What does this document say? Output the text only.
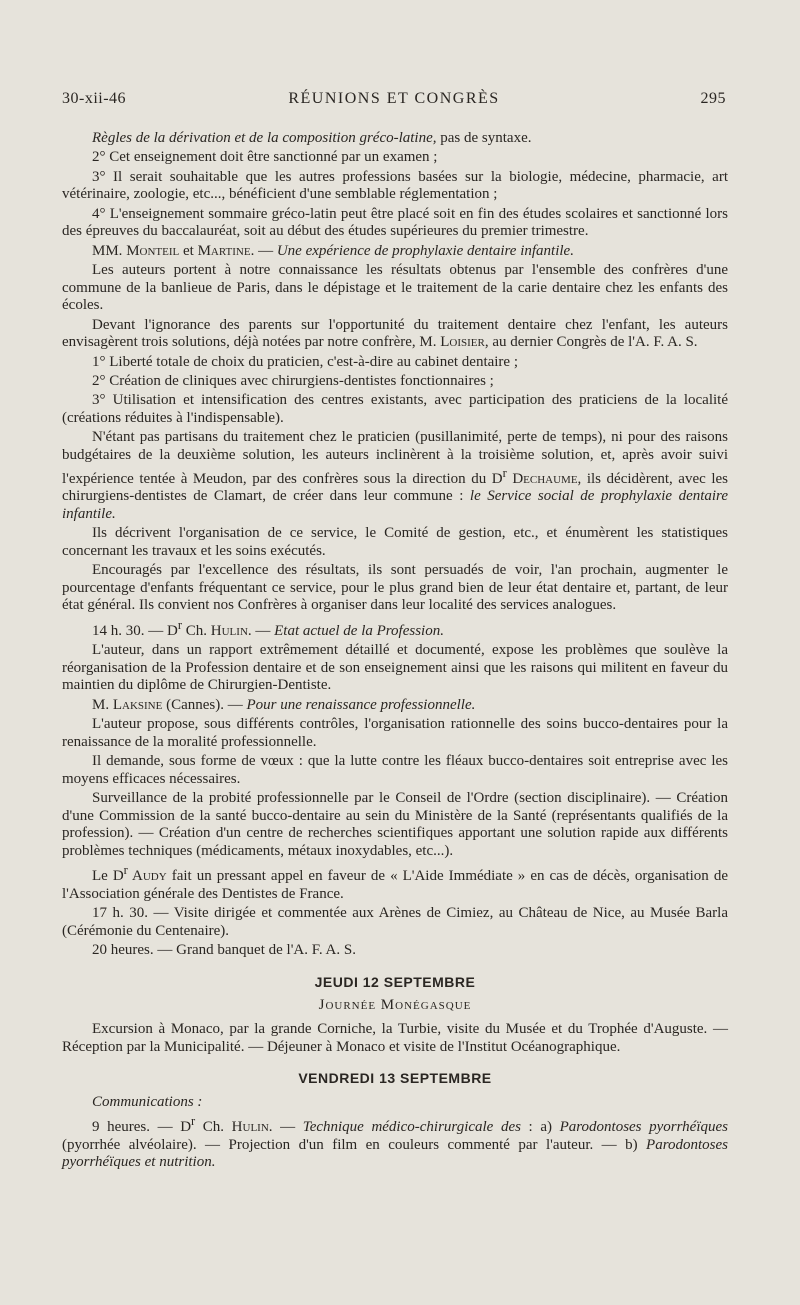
30-xii-46	RÉUNIONS ET CONGRÈS	295

Règles de la dérivation et de la composition gréco-latine, pas de syntaxe.

2° Cet enseignement doit être sanctionné par un examen ;

3° Il serait souhaitable que les autres professions basées sur la biologie, médecine, pharmacie, art vétérinaire, zoologie, etc..., bénéficient d'une semblable réglementation ;

4° L'enseignement sommaire gréco-latin peut être placé soit en fin des études scolaires et sanctionné lors des épreuves du baccalauréat, soit au début des études supérieures du premier trimestre.

MM. Monteil et Martine. — Une expérience de prophylaxie dentaire infantile.

Les auteurs portent à notre connaissance les résultats obtenus par l'ensemble des confrères d'une commune de la banlieue de Paris, dans le dépistage et le traitement de la carie dentaire chez les enfants des écoles.

Devant l'ignorance des parents sur l'opportunité du traitement dentaire chez l'enfant, les auteurs envisagèrent trois solutions, déjà notées par notre confrère, M. Loisier, au dernier Congrès de l'A. F. A. S.

1° Liberté totale de choix du praticien, c'est-à-dire au cabinet dentaire ;

2° Création de cliniques avec chirurgiens-dentistes fonctionnaires ;

3° Utilisation et intensification des centres existants, avec participation des praticiens de la localité (créations réduites à l'indispensable).

N'étant pas partisans du traitement chez le praticien (pusillanimité, perte de temps), ni pour des raisons budgétaires de la deuxième solution, les auteurs inclinèrent à la troisième solution, et, après avoir suivi l'expérience tentée à Meudon, par des confrères sous la direction du $D^r$ Dechaume, ils décidèrent, avec les chirurgiens-dentistes de Clamart, de créer dans leur commune : le Service social de prophylaxie dentaire infantile.

Ils décrivent l'organisation de ce service, le Comité de gestion, etc., et énumèrent les statistiques concernant les travaux et les soins exécutés.

Encouragés par l'excellence des résultats, ils sont persuadés de voir, l'an prochain, augmenter le pourcentage d'enfants fréquentant ce service, pour le plus grand bien de leur état dentaire et, partant, de leur état général. Ils convient nos Confrères à organiser dans leur localité des services analogues.

14 h. 30. — $D^r$ Ch. Hulin. — Etat actuel de la Profession.

L'auteur, dans un rapport extrêmement détaillé et documenté, expose les problèmes que soulève la réorganisation de la Profession dentaire et de son enseignement ainsi que les raisons qui militent en faveur du maintien du diplôme de Chirurgien-Dentiste.

M. Laksine (Cannes). — Pour une renaissance professionnelle.

L'auteur propose, sous différents contrôles, l'organisation rationnelle des soins bucco-dentaires pour la renaissance de la moralité professionnelle.

Il demande, sous forme de vœux : que la lutte contre les fléaux bucco-dentaires soit entreprise avec les moyens efficaces nécessaires.

Surveillance de la probité professionnelle par le Conseil de l'Ordre (section disciplinaire). — Création d'une Commission de la santé bucco-dentaire au sein du Ministère de la Santé (représentants qualifiés de la profession). — Création d'un centre de recherches scientifiques apportant une solution rapide aux différents problèmes techniques (médicaments, métaux inoxydables, etc...).

Le $D^r$ Audy fait un pressant appel en faveur de « L'Aide Immédiate » en cas de décès, organisation de l'Association générale des Dentistes de France.

17 h. 30. — Visite dirigée et commentée aux Arènes de Cimiez, au Château de Nice, au Musée Barla (Cérémonie du Centenaire).

20 heures. — Grand banquet de l'A. F. A. S.

JEUDI 12 SEPTEMBRE

Journée Monégasque

Excursion à Monaco, par la grande Corniche, la Turbie, visite du Musée et du Trophée d'Auguste. — Réception par la Municipalité. — Déjeuner à Monaco et visite de l'Institut Océanographique.

VENDREDI 13 SEPTEMBRE

Communications :

9 heures. — $D^r$ Ch. Hulin. — Technique médico-chirurgicale des : a) Parodontoses pyorrhéïques (pyorrhée alvéolaire). — Projection d'un film en couleurs commenté par l'auteur. — b) Parodontoses pyorrhéïques et nutrition.
